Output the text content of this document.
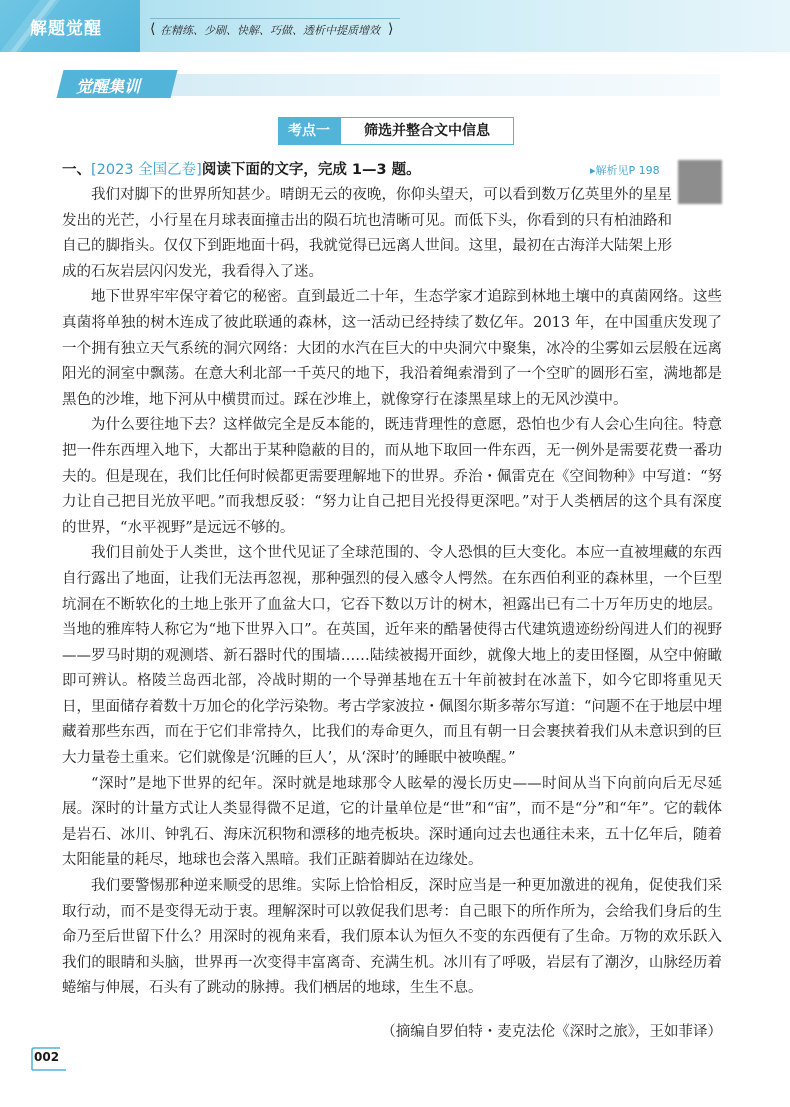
解题觉醒	⟨ 在精练、少刷、快解、巧做、透析中提质增效 ⟩
觉醒集训
考点一	筛选并整合文中信息
一、[2023 全国乙卷]阅读下面的文字，完成 1—3 题。	▸解析见P 198

我们对脚下的世界所知甚少。晴朗无云的夜晚，你仰头望天，可以看到数万亿英里外的星星发出的光芒，小行星在月球表面撞击出的陨石坑也清晰可见。而低下头，你看到的只有柏油路和自己的脚指头。仅仅下到距地面十码，我就觉得已远离人世间。这里，最初在古海洋大陆架上形成的石灰岩层闪闪发光，我看得入了迷。

地下世界牢牢保守着它的秘密。直到最近二十年，生态学家才追踪到林地土壤中的真菌网络。这些真菌将单独的树木连成了彼此联通的森林，这一活动已经持续了数亿年。2013 年，在中国重庆发现了一个拥有独立天气系统的洞穴网络：大团的水汽在巨大的中央洞穴中聚集，冰冷的尘雾如云层般在远离阳光的洞室中飘荡。在意大利北部一千英尺的地下，我沿着绳索滑到了一个空旷的圆形石室，满地都是黑色的沙堆，地下河从中横贯而过。踩在沙堆上，就像穿行在漆黑星球上的无风沙漠中。

为什么要往地下去？这样做完全是反本能的，既违背理性的意愿，恐怕也少有人会心生向往。特意把一件东西埋入地下，大都出于某种隐蔽的目的，而从地下取回一件东西，无一例外是需要花费一番功夫的。但是现在，我们比任何时候都更需要理解地下的世界。乔治・佩雷克在《空间物种》中写道：“努力让自己把目光放平吧。”而我想反驳：“努力让自己把目光投得更深吧。”对于人类栖居的这个具有深度的世界，“水平视野”是远远不够的。

我们目前处于人类世，这个世代见证了全球范围的、令人恐惧的巨大变化。本应一直被埋藏的东西自行露出了地面，让我们无法再忽视，那种强烈的侵入感令人愕然。在东西伯利亚的森林里，一个巨型坑洞在不断软化的土地上张开了血盆大口，它吞下数以万计的树木，袒露出已有二十万年历史的地层。当地的雅库特人称它为“地下世界入口”。在英国，近年来的酷暑使得古代建筑遗迹纷纷闯进人们的视野——罗马时期的观测塔、新石器时代的围墙……陆续被揭开面纱，就像大地上的麦田怪圈，从空中俯瞰即可辨认。格陵兰岛西北部，冷战时期的一个导弹基地在五十年前被封在冰盖下，如今它即将重见天日，里面储存着数十万加仑的化学污染物。考古学家波拉・佩图尔斯多蒂尔写道：“问题不在于地层中埋藏着那些东西，而在于它们非常持久，比我们的寿命更久，而且有朝一日会裹挟着我们从未意识到的巨大力量卷土重来。它们就像是‘沉睡的巨人’，从‘深时’的睡眠中被唤醒。”

“深时”是地下世界的纪年。深时就是地球那令人眩晕的漫长历史——时间从当下向前向后无尽延展。深时的计量方式让人类显得微不足道，它的计量单位是“世”和“宙”，而不是“分”和“年”。它的载体是岩石、冰川、钟乳石、海床沉积物和漂移的地壳板块。深时通向过去也通往未来，五十亿年后，随着太阳能量的耗尽，地球也会落入黑暗。我们正踮着脚站在边缘处。

我们要警惕那种逆来顺受的思维。实际上恰恰相反，深时应当是一种更加激进的视角，促使我们采取行动，而不是变得无动于衷。理解深时可以敦促我们思考：自己眼下的所作所为，会给我们身后的生命乃至后世留下什么？用深时的视角来看，我们原本认为恒久不变的东西便有了生命。万物的欢乐跃入我们的眼睛和头脑，世界再一次变得丰富离奇、充满生机。冰川有了呼吸，岩层有了潮汐，山脉经历着蜷缩与伸展，石头有了跳动的脉搏。我们栖居的地球，生生不息。

（摘编自罗伯特・麦克法伦《深时之旅》，王如菲译）
002
